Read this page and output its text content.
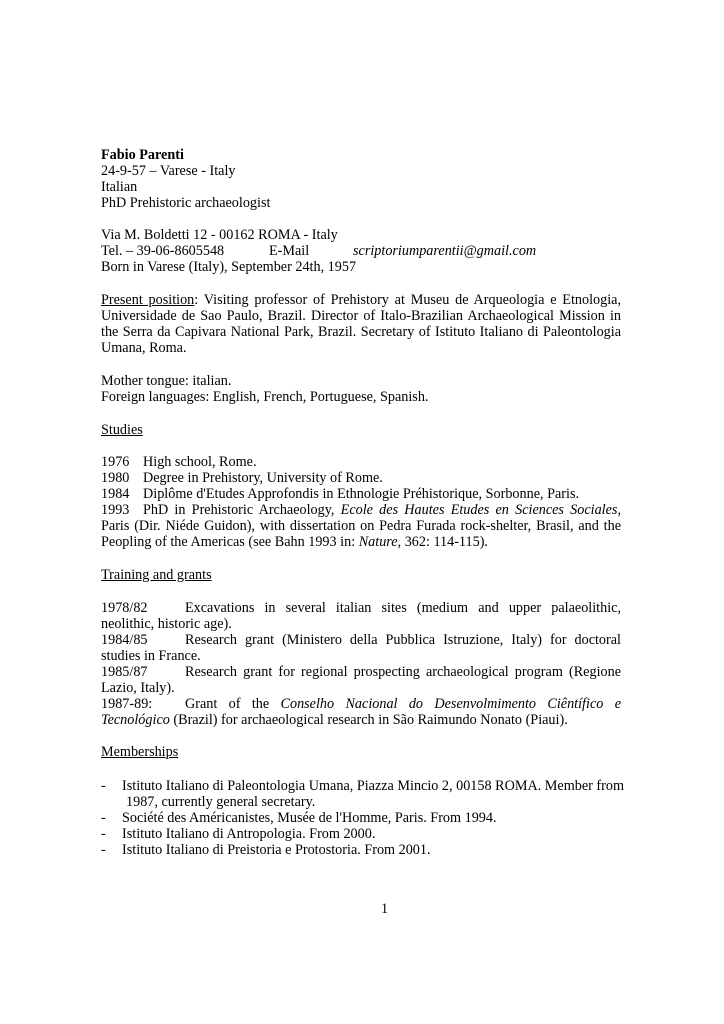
Fabio Parenti
24-9-57 – Varese - Italy
Italian
PhD Prehistoric archaeologist
Via M. Boldetti 12 - 00162 ROMA - Italy
Tel. – 39-06-8605548	E-Mail	scriptoriumparentii@gmail.com
Born in Varese (Italy), September 24th, 1957
Present position: Visiting professor of Prehistory at Museu de Arqueologia e Etnologia,
Universidade de Sao Paulo, Brazil. Director of Italo-Brazilian Archaeological Mission in
the Serra da Capivara National Park, Brazil. Secretary of Istituto Italiano di Paleontologia
Umana, Roma.
Mother tongue: italian.
Foreign languages: English, French, Portuguese, Spanish.
Studies
1976 High school, Rome.
1980 Degree in Prehistory, University of Rome.
1984 Diplôme d'Etudes Approfondis in Ethnologie Préhistorique, Sorbonne, Paris.
1993 PhD in Prehistoric Archaeology, Ecole des Hautes Etudes en Sciences Sociales,
Paris (Dir. Niéde Guidon), with dissertation on Pedra Furada rock-shelter, Brasil, and the
Peopling of the Americas (see Bahn 1993 in: Nature, 362: 114-115).
Training and grants
1978/82	Excavations in several italian sites (medium and upper palaeolithic,
neolithic, historic age).
1984/85	Research grant (Ministero della Pubblica Istruzione, Italy) for doctoral
studies in France.
1985/87	Research grant for regional prospecting archaeological program (Regione
Lazio, Italy).
1987-89: Grant of the Conselho Nacional do Desenvolmimento Ciêntífico e
Tecnológico (Brazil) for archaeological research in São Raimundo Nonato (Piaui).
Memberships
- Istituto Italiano di Paleontologia Umana, Piazza Mincio 2, 00158 ROMA. Member from
1987, currently general secretary.
- Société des Américanistes, Musée de l'Homme, Paris. From 1994.
- Istituto Italiano di Antropologia. From 2000.
- Istituto Italiano di Preistoria e Protostoria. From 2001.
1
